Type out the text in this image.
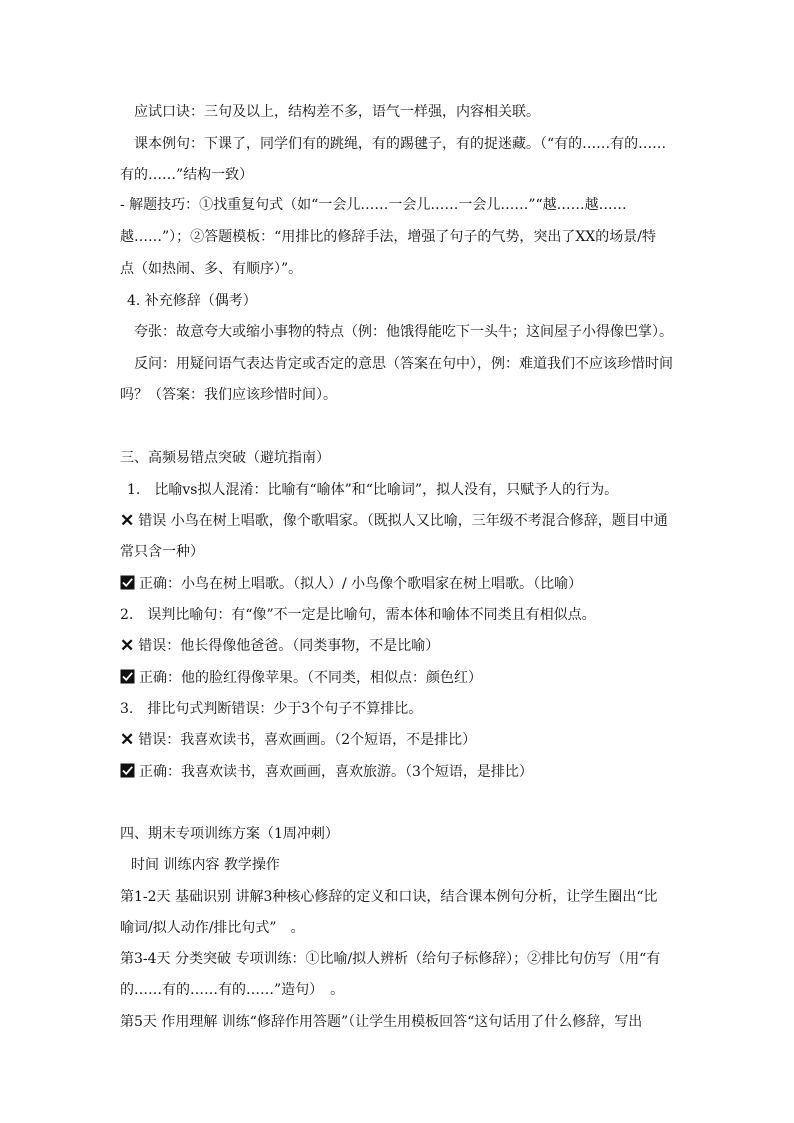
应试口诀：三句及以上，结构差不多，语气一样强，内容相关联。
课本例句：下课了，同学们有的跳绳，有的踢毽子，有的捉迷藏。（“有的……有的……
有的……”结构一致）
- 解题技巧：①找重复句式（如“一会儿……一会儿……一会儿……”“越……越……
越……”）；②答题模板：“用排比的修辞手法，增强了句子的气势，突出了XX的场景/特
点（如热闹、多、有顺序）”。
4. 补充修辞（偶考）
夸张：故意夸大或缩小事物的特点（例：他饿得能吃下一头牛；这间屋子小得像巴掌）。
反问：用疑问语气表达肯定或否定的意思（答案在句中），例：难道我们不应该珍惜时间
吗？（答案：我们应该珍惜时间）。
三、高频易错点突破（避坑指南）
1.　比喻vs拟人混淆：比喻有“喻体”和“比喻词”，拟人没有，只赋予人的行为。
✕ 错误 小鸟在树上唱歌，像个歌唱家。（既拟人又比喻，三年级不考混合修辞，题目中通
常只含一种）
正确：小鸟在树上唱歌。（拟人）/ 小鸟像个歌唱家在树上唱歌。（比喻）
2.　误判比喻句：有“像”不一定是比喻句，需本体和喻体不同类且有相似点。
✕ 错误：他长得像他爸爸。（同类事物，不是比喻）
正确：他的脸红得像苹果。（不同类，相似点：颜色红）
3.　排比句式判断错误：少于3个句子不算排比。
✕ 错误：我喜欢读书，喜欢画画。（2个短语，不是排比）
正确：我喜欢读书，喜欢画画，喜欢旅游。（3个短语，是排比）
四、期末专项训练方案（1周冲刺）
时间 训练内容 教学操作
第1-2天 基础识别 讲解3种核心修辞的定义和口诀，结合课本例句分析，让学生圈出“比
喻词/拟人动作/排比句式”　。
第3-4天 分类突破 专项训练：①比喻/拟人辨析（给句子标修辞）；②排比句仿写（用“有
的……有的……有的……”造句）　。
第5天 作用理解 训练“修辞作用答题”（让学生用模板回答“这句话用了什么修辞，写出
